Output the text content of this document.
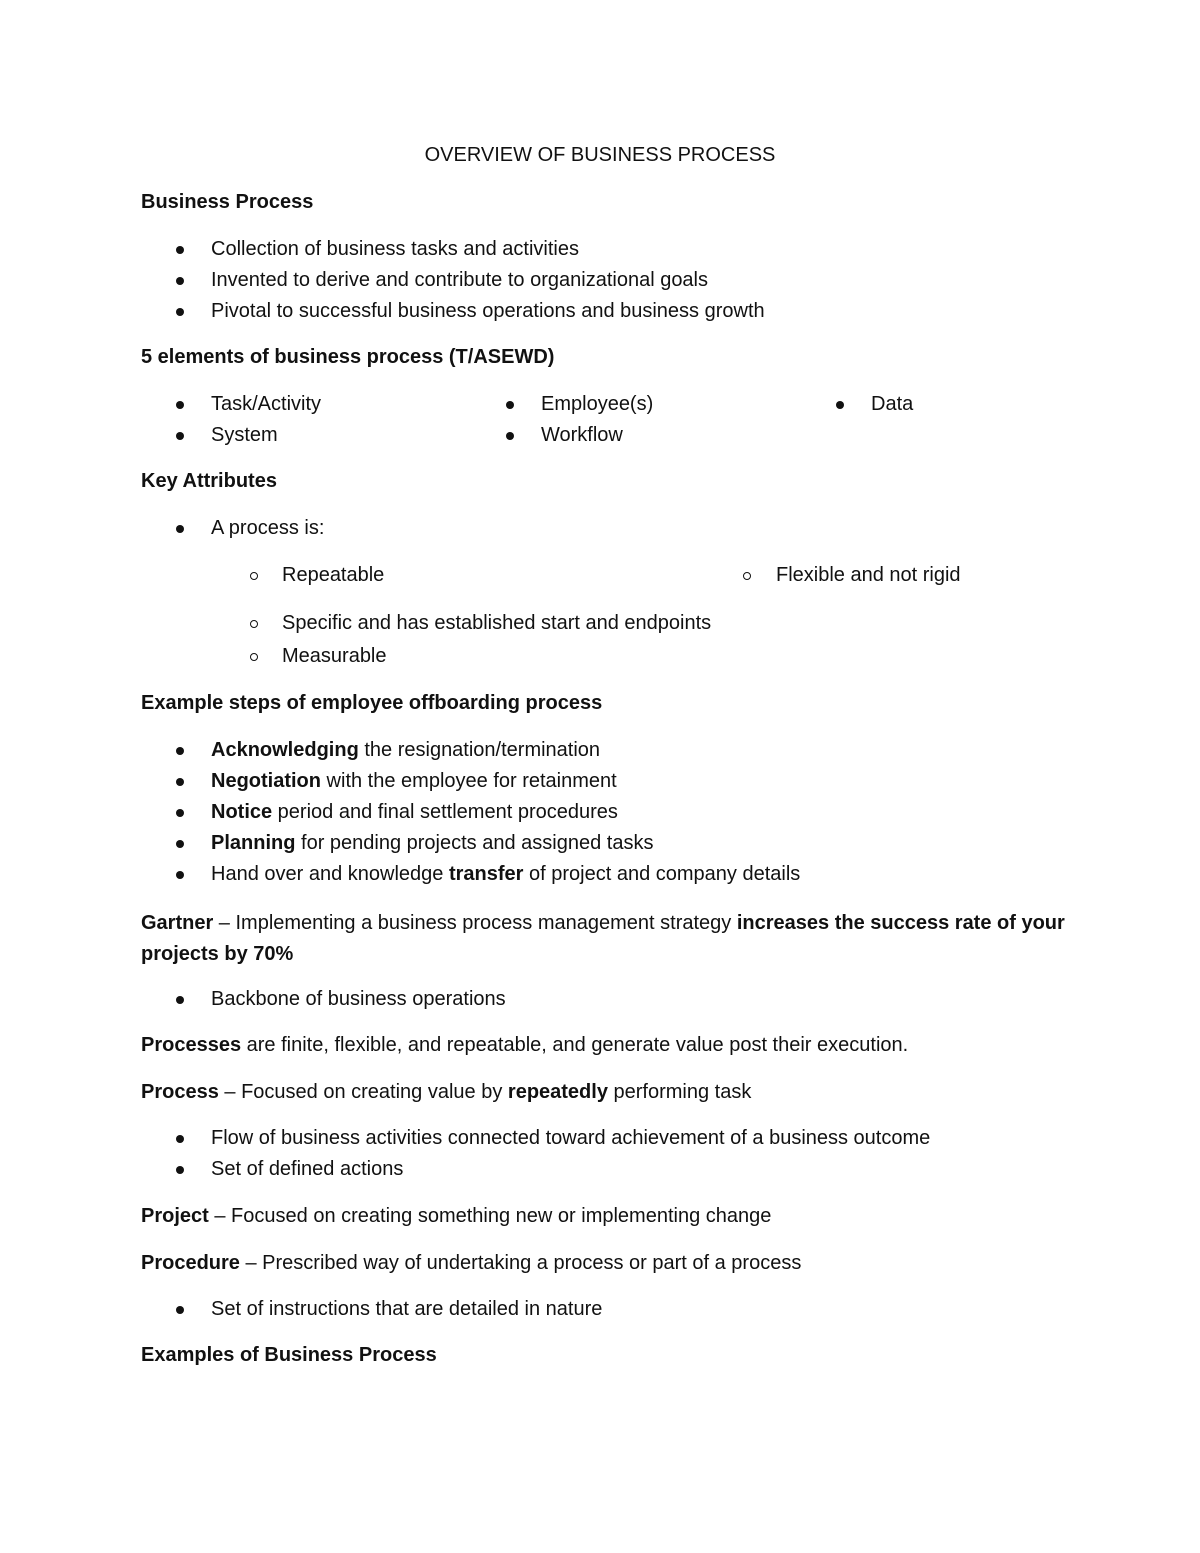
OVERVIEW OF BUSINESS PROCESS
Business Process
Collection of business tasks and activities
Invented to derive and contribute to organizational goals
Pivotal to successful business operations and business growth
5 elements of business process (T/ASEWD)
Task/Activity
System
Employee(s)
Workflow
Data
Key Attributes
A process is:
Repeatable	Flexible and not rigid
Specific and has established start and endpoints
Measurable
Example steps of employee offboarding process
Acknowledging the resignation/termination
Negotiation with the employee for retainment
Notice period and final settlement procedures
Planning for pending projects and assigned tasks
Hand over and knowledge transfer of project and company details
Gartner – Implementing a business process management strategy increases the success rate of your projects by 70%
Backbone of business operations
Processes are finite, flexible, and repeatable, and generate value post their execution.
Process – Focused on creating value by repeatedly performing task
Flow of business activities connected toward achievement of a business outcome
Set of defined actions
Project – Focused on creating something new or implementing change
Procedure – Prescribed way of undertaking a process or part of a process
Set of instructions that are detailed in nature
Examples of Business Process
